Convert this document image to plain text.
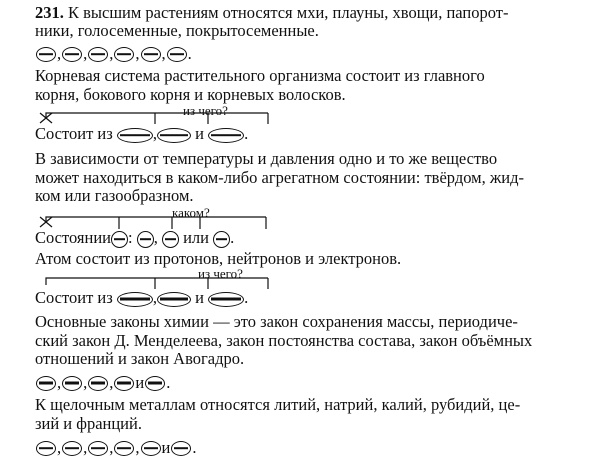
231. К высшим растениям относятся мхи, плауны, хвощи, папорот-
ники, голосеменные, покрытосеменные.
, , , , , .
Корневая система растительного организма состоит из главного
корня, бокового корня и корневых волосков.
Состоит из , и .
из чего?
В зависимости от температуры и давления одно и то же вещество
может находиться в каком-либо агрегатном состоянии: твёрдом, жид-
ком или газообразном.
Состоянии : , или .
каком?
Атом состоит из протонов, нейтронов и электронов.
Состоит из , и .
из чего?
Основные законы химии — это закон сохранения массы, периодиче-
ский закон Д. Менделеева, закон постоянства состава, закон объёмных
отношений и закон Авогадро.
, , , и .
К щелочным металлам относятся литий, натрий, калий, рубидий, це-
зий и франций.
, , , , и .
